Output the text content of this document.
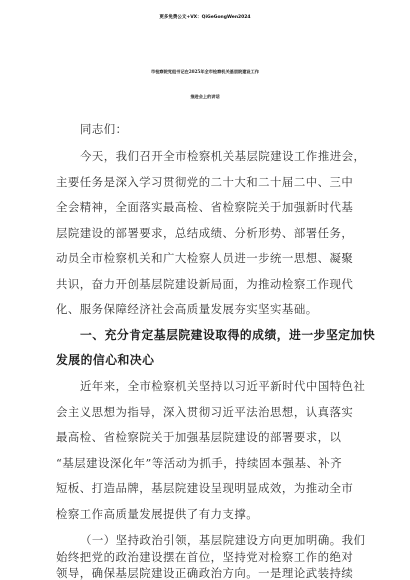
更多免费公文+VX：QiGeGongWen2024
市检察院党组书记在2025年全市检察机关基层院建设工作
推进会上的讲话
同志们：
今天，我们召开全市检察机关基层院建设工作推进会，
主要任务是深入学习贯彻党的二十大和二十届二中、三中
全会精神，全面落实最高检、省检察院关于加强新时代基
层院建设的部署要求，总结成绩、分析形势、部署任务，
动员全市检察机关和广大检察人员进一步统一思想、凝聚
共识，奋力开创基层院建设新局面，为推动检察工作现代
化、服务保障经济社会高质量发展夯实坚实基础。
一、充分肯定基层院建设取得的成绩，进一步坚定加快
发展的信心和决心
近年来，全市检察机关坚持以习近平新时代中国特色社
会主义思想为指导，深入贯彻习近平法治思想，认真落实
最高检、省检察院关于加强基层院建设的部署要求，以
“基层建设深化年”等活动为抓手，持续固本强基、补齐
短板、打造品牌，基层院建设呈现明显成效，为推动全市
检察工作高质量发展提供了有力支撑。
（一）坚持政治引领，基层院建设方向更加明确。我们
始终把党的政治建设摆在首位，坚持党对检察工作的绝对
领导，确保基层院建设正确政治方向。一是理论武装持续
